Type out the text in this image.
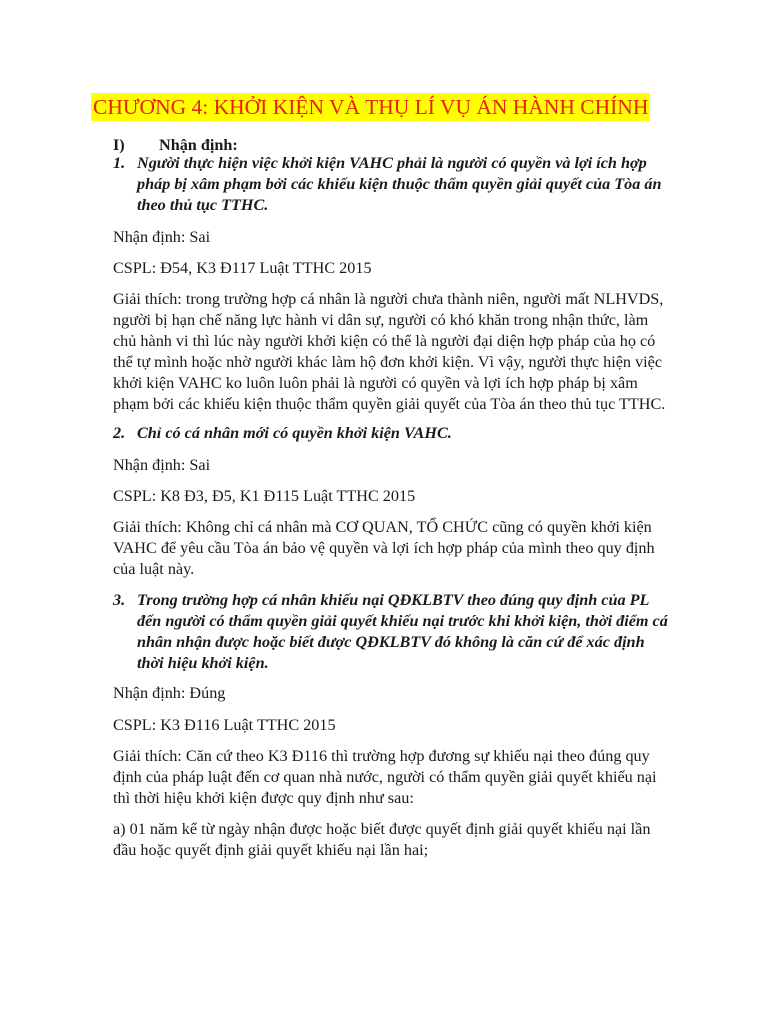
CHƯƠNG 4: KHỞI KIỆN VÀ THỤ LÍ VỤ ÁN HÀNH CHÍNH

I) Nhận định:

1. Người thực hiện việc khởi kiện VAHC phải là người có quyền và lợi ích hợp pháp bị xâm phạm bởi các khiếu kiện thuộc thẩm quyền giải quyết của Tòa án theo thủ tục TTHC.

Nhận định: Sai

CSPL: Đ54, K3 Đ117 Luật TTHC 2015

Giải thích: trong trường hợp cá nhân là người chưa thành niên, người mất NLHVDS, người bị hạn chế năng lực hành vi dân sự, người có khó khăn trong nhận thức, làm chủ hành vi thì lúc này người khởi kiện có thể là người đại diện hợp pháp của họ có thể tự mình hoặc nhờ người khác làm hộ đơn khởi kiện. Vì vậy, người thực hiện việc khởi kiện VAHC ko luôn luôn phải là người có quyền và lợi ích hợp pháp bị xâm phạm bởi các khiếu kiện thuộc thẩm quyền giải quyết của Tòa án theo thủ tục TTHC.

2. Chỉ có cá nhân mới có quyền khởi kiện VAHC.

Nhận định: Sai

CSPL: K8 Đ3, Đ5, K1 Đ115 Luật TTHC 2015

Giải thích: Không chỉ cá nhân mà CƠ QUAN, TỔ CHỨC cũng có quyền khởi kiện VAHC để yêu cầu Tòa án bảo vệ quyền và lợi ích hợp pháp của mình theo quy định của luật này.

3. Trong trường hợp cá nhân khiếu nại QĐKLBTV theo đúng quy định của PL đến người có thẩm quyền giải quyết khiếu nại trước khi khởi kiện, thời điểm cá nhân nhận được hoặc biết được QĐKLBTV đó không là căn cứ để xác định thời hiệu khởi kiện.

Nhận định: Đúng

CSPL: K3 Đ116 Luật TTHC 2015

Giải thích: Căn cứ theo K3 Đ116 thì trường hợp đương sự khiếu nại theo đúng quy định của pháp luật đến cơ quan nhà nước, người có thẩm quyền giải quyết khiếu nại thì thời hiệu khởi kiện được quy định như sau:

a) 01 năm kể từ ngày nhận được hoặc biết được quyết định giải quyết khiếu nại lần đầu hoặc quyết định giải quyết khiếu nại lần hai;
